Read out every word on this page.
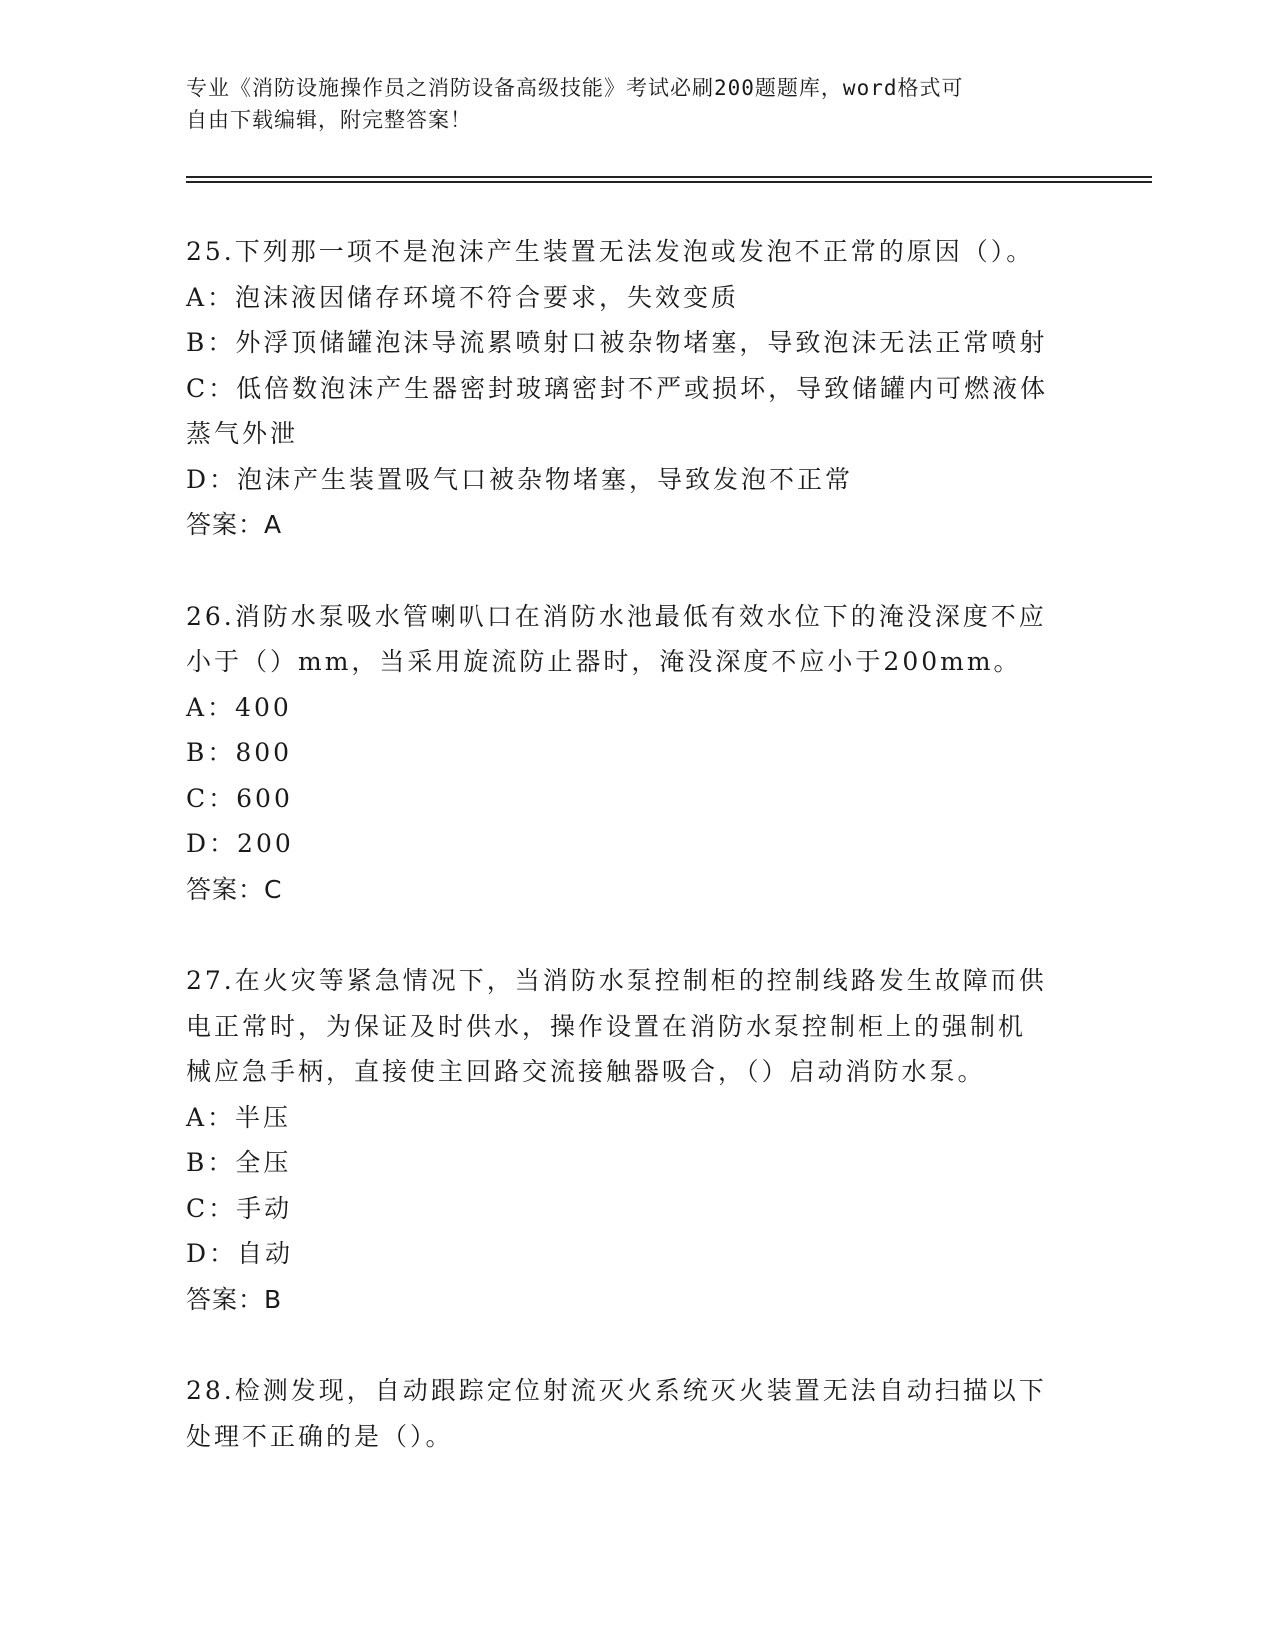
专业《消防设施操作员之消防设备高级技能》考试必刷200题题库，word格式可
自由下载编辑，附完整答案！
25.下列那一项不是泡沫产生装置无法发泡或发泡不正常的原因（）。
A：泡沫液因储存环境不符合要求，失效变质
B：外浮顶储罐泡沫导流累喷射口被杂物堵塞，导致泡沫无法正常喷射
C：低倍数泡沫产生器密封玻璃密封不严或损坏，导致储罐内可燃液体
蒸气外泄
D：泡沫产生装置吸气口被杂物堵塞，导致发泡不正常
答案：A
26.消防水泵吸水管喇叭口在消防水池最低有效水位下的淹没深度不应
小于（）mm，当采用旋流防止器时，淹没深度不应小于200mm。
A：400
B：800
C：600
D：200
答案：C
27.在火灾等紧急情况下，当消防水泵控制柜的控制线路发生故障而供
电正常时，为保证及时供水，操作设置在消防水泵控制柜上的强制机
械应急手柄，直接使主回路交流接触器吸合，（）启动消防水泵。
A：半压
B：全压
C：手动
D：自动
答案：B
28.检测发现，自动跟踪定位射流灭火系统灭火装置无法自动扫描以下
处理不正确的是（）。
